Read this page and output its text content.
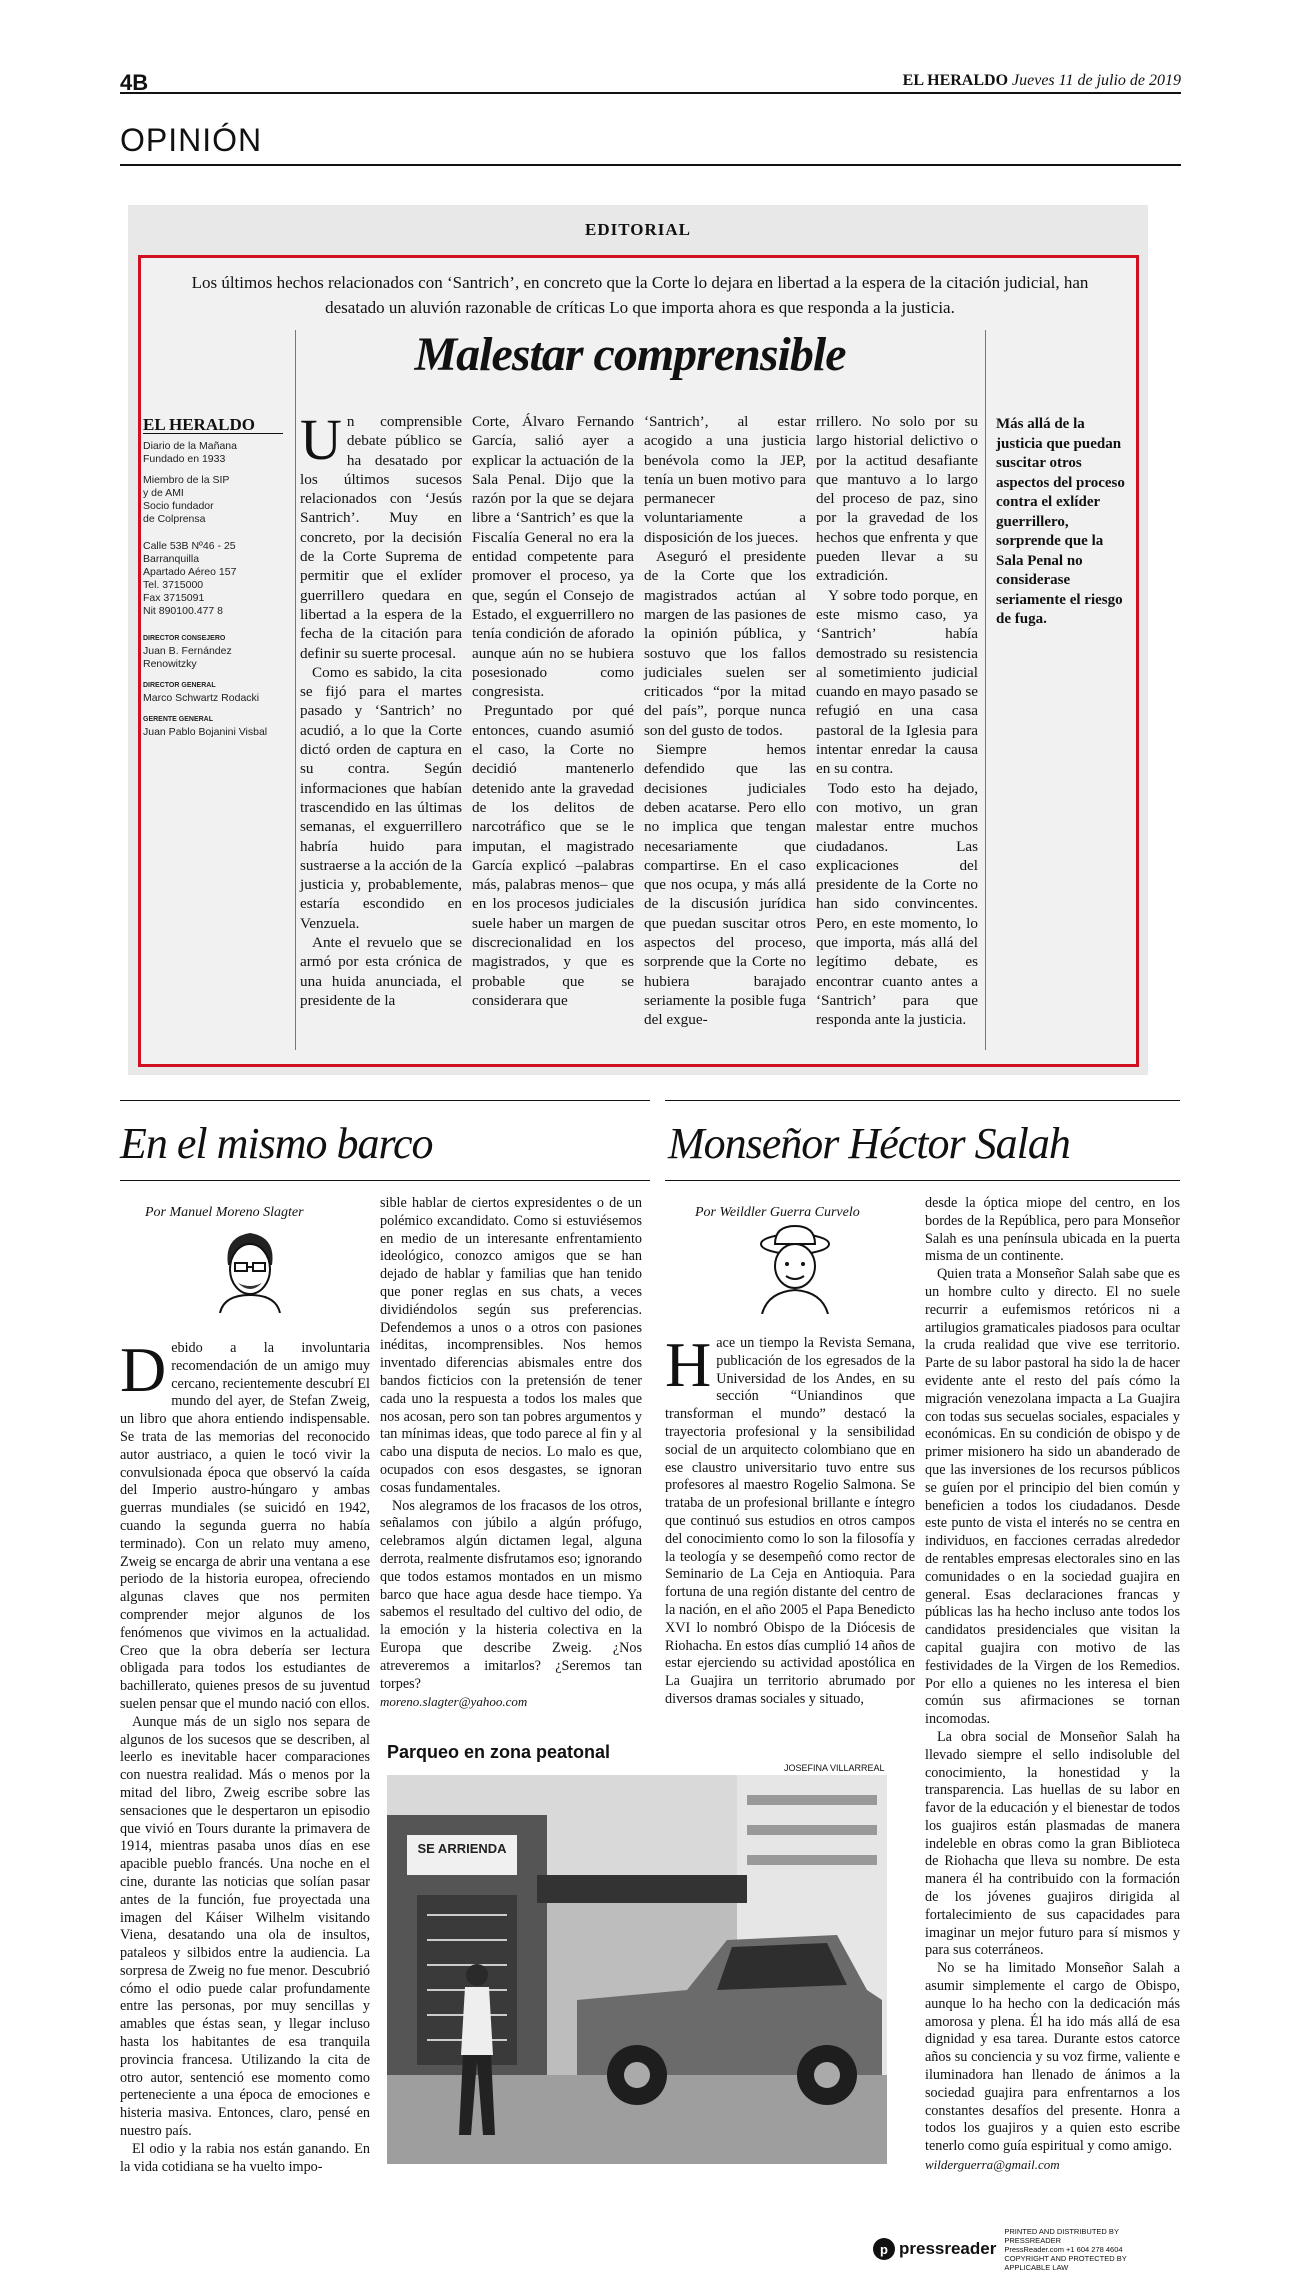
4B	EL HERALDO Jueves 11 de julio de 2019
OPINIÓN
EDITORIAL
Los últimos hechos relacionados con ‘Santrich’, en concreto que la Corte lo dejara en libertad a la espera de la citación judicial, han desatado un aluvión razonable de críticas Lo que importa ahora es que responda a la justicia.
Malestar comprensible
EL HERALDO
Diario de la Mañana
Fundado en 1933
Miembro de la SIP
y de AMI
Socio fundador
de Colprensa
Calle 53B Nº46 - 25
Barranquilla
Apartado Aéreo 157
Tel. 3715000
Fax 3715091
Nit 890100.477 8
DIRECTOR CONSEJERO
Juan B. Fernández Renowitzky
DIRECTOR GENERAL
Marco Schwartz Rodacki
GERENTE GENERAL
Juan Pablo Bojanini Visbal

Un comprensible debate público se ha desatado por los últimos sucesos relacionados con ‘Jesús Santrich’. Muy en concreto, por la decisión de la Corte Suprema de permitir que el exlíder guerrillero quedara en libertad a la espera de la fecha de la citación para definir su suerte procesal.

Como es sabido, la cita se fijó para el martes pasado y ‘Santrich’ no acudió, a lo que la Corte dictó orden de captura en su contra. Según informaciones que habían trascendido en las últimas semanas, el exguerrillero habría huido para sustraerse a la acción de la justicia y, probablemente, estaría escondido en Venzuela.

Ante el revuelo que se armó por esta crónica de una huida anunciada, el presidente de la

Corte, Álvaro Fernando García, salió ayer a explicar la actuación de la Sala Penal. Dijo que la razón por la que se dejara libre a ‘Santrich’ es que la Fiscalía General no era la entidad competente para promover el proceso, ya que, según el Consejo de Estado, el exguerrillero no tenía condición de aforado aunque aún no se hubiera posesionado como congresista.

Preguntado por qué entonces, cuando asumió el caso, la Corte no decidió mantenerlo detenido ante la gravedad de los delitos de narcotráfico que se le imputan, el magistrado García explicó –palabras más, palabras menos– que en los procesos judiciales suele haber un margen de discrecionalidad en los magistrados, y que es probable que se considerara que

‘Santrich’, al estar acogido a una justicia benévola como la JEP, tenía un buen motivo para permanecer voluntariamente a disposición de los jueces.

Aseguró el presidente de la Corte que los magistrados actúan al margen de las pasiones de la opinión pública, y sostuvo que los fallos judiciales suelen ser criticados “por la mitad del país”, porque nunca son del gusto de todos.

Siempre hemos defendido que las decisiones judiciales deben acatarse. Pero ello no implica que tengan necesariamente que compartirse. En el caso que nos ocupa, y más allá de la discusión jurídica que puedan suscitar otros aspectos del proceso, sorprende que la Corte no hubiera barajado seriamente la posible fuga del exgue-

rrillero. No solo por su largo historial delictivo o por la actitud desafiante que mantuvo a lo largo del proceso de paz, sino por la gravedad de los hechos que enfrenta y que pueden llevar a su extradición.

Y sobre todo porque, en este mismo caso, ya ‘Santrich’ había demostrado su resistencia al sometimiento judicial cuando en mayo pasado se refugió en una casa pastoral de la Iglesia para intentar enredar la causa en su contra.

Todo esto ha dejado, con motivo, un gran malestar entre muchos ciudadanos. Las explicaciones del presidente de la Corte no han sido convincentes. Pero, en este momento, lo que importa, más allá del legítimo debate, es encontrar cuanto antes a ‘Santrich’ para que responda ante la justicia.

Más allá de la justicia que puedan suscitar otros aspectos del proceso contra el exlíder guerrillero, sorprende que la Sala Penal no considerase seriamente el riesgo de fuga.
En el mismo barco
Por Manuel Moreno Slagter

Debido a la involuntaria recomendación de un amigo muy cercano, recientemente descubrí El mundo del ayer, de Stefan Zweig, un libro que ahora entiendo indispensable. Se trata de las memorias del reconocido autor austriaco, a quien le tocó vivir la convulsionada época que observó la caída del Imperio austro-húngaro y ambas guerras mundiales (se suicidó en 1942, cuando la segunda guerra no había terminado). Con un relato muy ameno, Zweig se encarga de abrir una ventana a ese periodo de la historia europea, ofreciendo algunas claves que nos permiten comprender mejor algunos de los fenómenos que vivimos en la actualidad. Creo que la obra debería ser lectura obligada para todos los estudiantes de bachillerato, quienes presos de su juventud suelen pensar que el mundo nació con ellos.

Aunque más de un siglo nos separa de algunos de los sucesos que se describen, al leerlo es inevitable hacer comparaciones con nuestra realidad. Más o menos por la mitad del libro, Zweig escribe sobre las sensaciones que le despertaron un episodio que vivió en Tours durante la primavera de 1914, mientras pasaba unos días en ese apacible pueblo francés. Una noche en el cine, durante las noticias que solían pasar antes de la función, fue proyectada una imagen del Káiser Wilhelm visitando Viena, desatando una ola de insultos, pataleos y silbidos entre la audiencia. La sorpresa de Zweig no fue menor. Descubrió cómo el odio puede calar profundamente entre las personas, por muy sencillas y amables que éstas sean, y llegar incluso hasta los habitantes de esa tranquila provincia francesa. Utilizando la cita de otro autor, sentenció ese momento como perteneciente a una época de emociones e histeria masiva. Entonces, claro, pensé en nuestro país.

El odio y la rabia nos están ganando. En la vida cotidiana se ha vuelto impo-

sible hablar de ciertos expresidentes o de un polémico excandidato. Como si estuviésemos en medio de un interesante enfrentamiento ideológico, conozco amigos que se han dejado de hablar y familias que han tenido que poner reglas en sus chats, a veces dividiéndolos según sus preferencias. Defendemos a unos o a otros con pasiones inéditas, incomprensibles. Nos hemos inventado diferencias abismales entre dos bandos ficticios con la pretensión de tener cada uno la respuesta a todos los males que nos acosan, pero son tan pobres argumentos y tan mínimas ideas, que todo parece al fin y al cabo una disputa de necios. Lo malo es que, ocupados con esos desgastes, se ignoran cosas fundamentales.

Nos alegramos de los fracasos de los otros, señalamos con júbilo a algún prófugo, celebramos algún dictamen legal, alguna derrota, realmente disfrutamos eso; ignorando que todos estamos montados en un mismo barco que hace agua desde hace tiempo. Ya sabemos el resultado del cultivo del odio, de la emoción y la histeria colectiva en la Europa que describe Zweig. ¿Nos atreveremos a imitarlos? ¿Seremos tan torpes?

moreno.slagter@yahoo.com

Monseñor Héctor Salah
Por Weildler Guerra Curvelo

Hace un tiempo la Revista Semana, publicación de los egresados de la Universidad de los Andes, en su sección “Uniandinos que transforman el mundo” destacó la trayectoria profesional y la sensibilidad social de un arquitecto colombiano que en ese claustro universitario tuvo entre sus profesores al maestro Rogelio Salmona. Se trataba de un profesional brillante e íntegro que continuó sus estudios en otros campos del conocimiento como lo son la filosofía y la teología y se desempeñó como rector de Seminario de La Ceja en Antioquia. Para fortuna de una región distante del centro de la nación, en el año 2005 el Papa Benedicto XVI lo nombró Obispo de la Diócesis de Riohacha. En estos días cumplió 14 años de estar ejerciendo su actividad apostólica en La Guajira un territorio abrumado por diversos dramas sociales y situado,

desde la óptica miope del centro, en los bordes de la República, pero para Monseñor Salah es una península ubicada en la puerta misma de un continente.

Quien trata a Monseñor Salah sabe que es un hombre culto y directo. El no suele recurrir a eufemismos retóricos ni a artilugios gramaticales piadosos para ocultar la cruda realidad que vive ese territorio. Parte de su labor pastoral ha sido la de hacer evidente ante el resto del país cómo la migración venezolana impacta a La Guajira con todas sus secuelas sociales, espaciales y económicas. En su condición de obispo y de primer misionero ha sido un abanderado de que las inversiones de los recursos públicos se guíen por el principio del bien común y beneficien a todos los ciudadanos. Desde este punto de vista el interés no se centra en individuos, en facciones cerradas alrededor de rentables empresas electorales sino en las comunidades o en la sociedad guajira en general. Esas declaraciones francas y públicas las ha hecho incluso ante todos los candidatos presidenciales que visitan la capital guajira con motivo de las festividades de la Virgen de los Remedios. Por ello a quienes no les interesa el bien común sus afirmaciones se tornan incomodas.

La obra social de Monseñor Salah ha llevado siempre el sello indisoluble del conocimiento, la honestidad y la transparencia. Las huellas de su labor en favor de la educación y el bienestar de todos los guajiros están plasmadas de manera indeleble en obras como la gran Biblioteca de Riohacha que lleva su nombre. De esta manera él ha contribuido con la formación de los jóvenes guajiros dirigida al fortalecimiento de sus capacidades para imaginar un mejor futuro para sí mismos y para sus coterráneos.

No se ha limitado Monseñor Salah a asumir simplemente el cargo de Obispo, aunque lo ha hecho con la dedicación más amorosa y plena. Él ha ido más allá de esa dignidad y esa tarea. Durante estos catorce años su conciencia y su voz firme, valiente e iluminadora han llenado de ánimos a la sociedad guajira para enfrentarnos a los constantes desafíos del presente. Honra a todos los guajiros y a quien esto escribe tenerlo como guía espiritual y como amigo.

wilderguerra@gmail.com

Parqueo en zona peatonal
JOSEFINA VILLARREAL
SE ARRIENDA
p pressreader
PRINTED AND DISTRIBUTED BY PRESSREADER
PressReader.com +1 604 278 4604
COPYRIGHT AND PROTECTED BY APPLICABLE LAW
